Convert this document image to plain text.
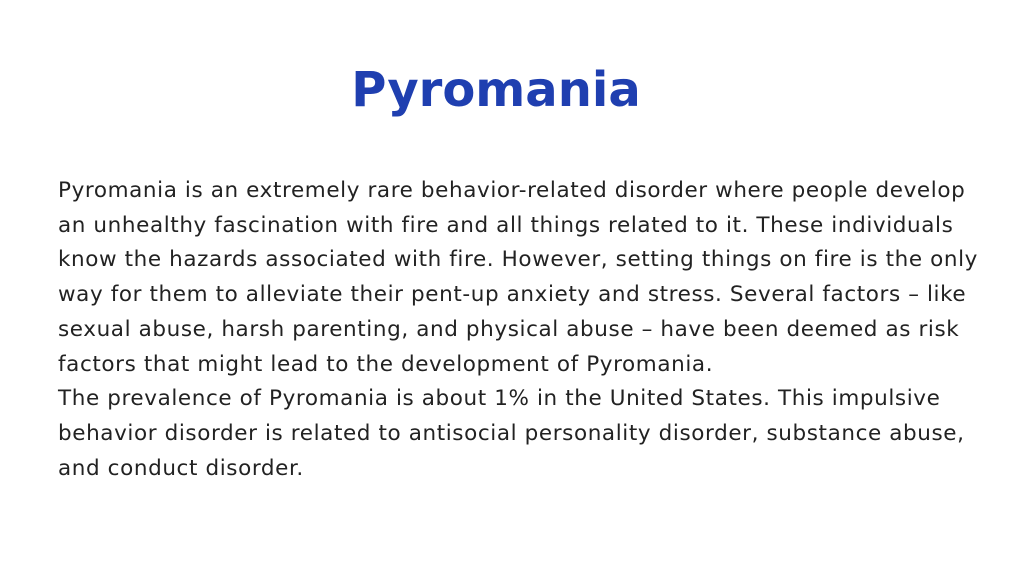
Pyromania

Pyromania is an extremely rare behavior-related disorder where people develop an unhealthy fascination with fire and all things related to it. These individuals know the hazards associated with fire. However, setting things on fire is the only way for them to alleviate their pent-up anxiety and stress. Several factors – like sexual abuse, harsh parenting, and physical abuse – have been deemed as risk factors that might lead to the development of Pyromania.

The prevalence of Pyromania is about 1% in the United States. This impulsive behavior disorder is related to antisocial personality disorder, substance abuse, and conduct disorder.
